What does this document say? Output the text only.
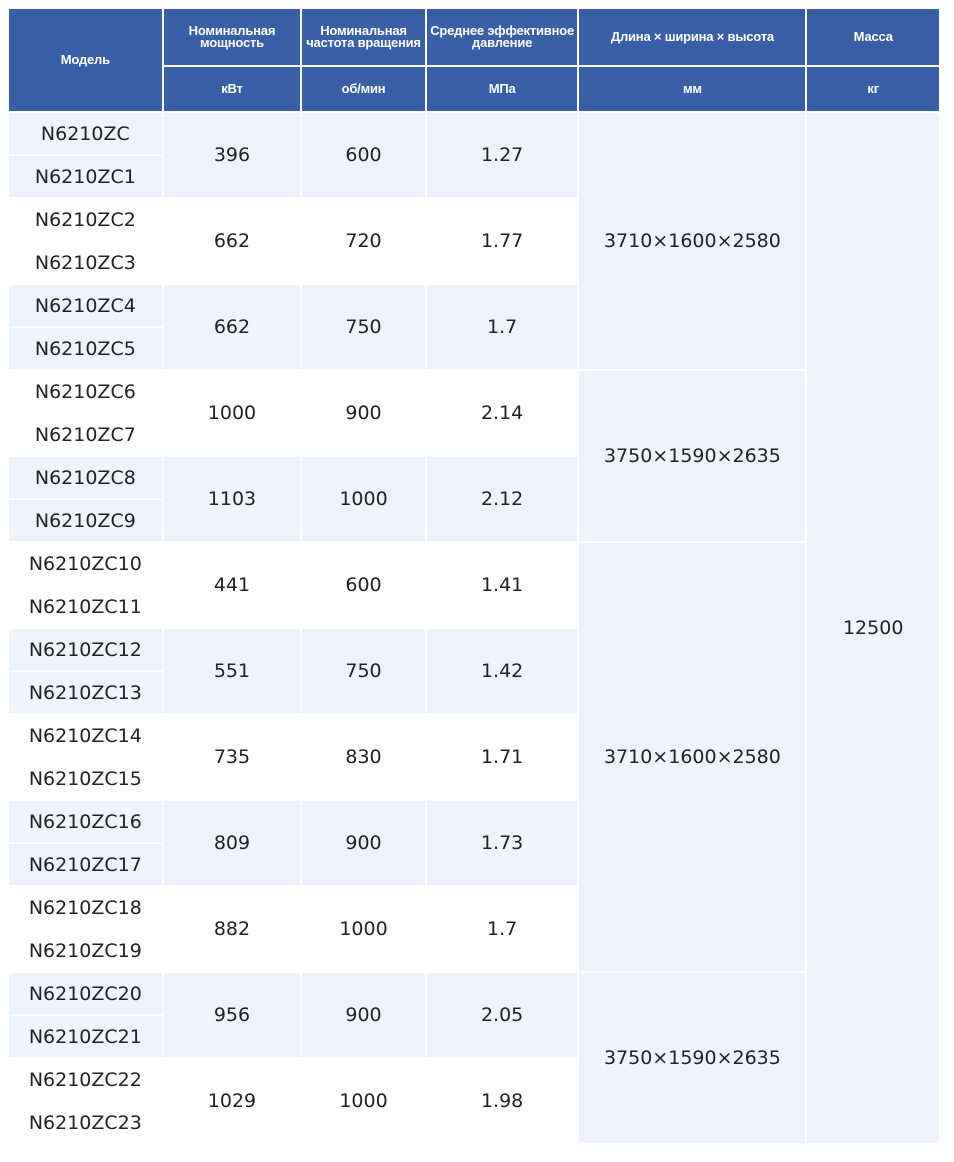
Модель	Номинальная мощность	Номинальная частота вращения	Среднее эффективное давление	Длина × ширина × высота	Масса
	кВт	об/мин	МПа	мм	кг
N6210ZC	396	600	1.27	3710×1600×2580	12500
N6210ZC1					
N6210ZC2	662	720	1.77		
N6210ZC3					
N6210ZC4	662	750	1.7		
N6210ZC5					
N6210ZC6	1000	900	2.14	3750×1590×2635	
N6210ZC7					
N6210ZC8	1103	1000	2.12		
N6210ZC9					
N6210ZC10	441	600	1.41	3710×1600×2580	
N6210ZC11					
N6210ZC12	551	750	1.42		
N6210ZC13					
N6210ZC14	735	830	1.71		
N6210ZC15					
N6210ZC16	809	900	1.73		
N6210ZC17					
N6210ZC18	882	1000	1.7		
N6210ZC19					
N6210ZC20	956	900	2.05	3750×1590×2635	
N6210ZC21					
N6210ZC22	1029	1000	1.98		
N6210ZC23					
